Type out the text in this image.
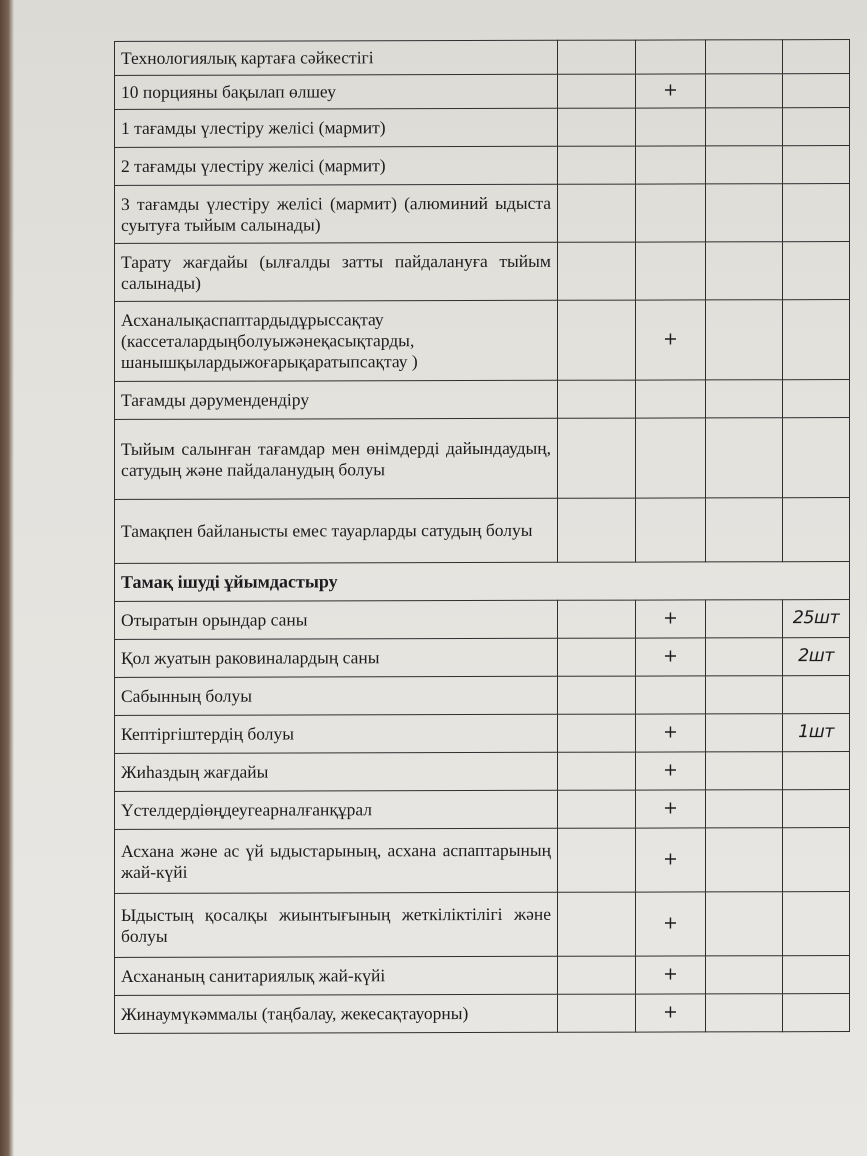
Технологиялық картаға сәйкестігі				
10 порцияны бақылап өлшеу		+		
1 тағамды үлестіру желісі (мармит)				
2 тағамды үлестіру желісі (мармит)				
3 тағамды үлестіру желісі (мармит) (алюминий ыдыста суытуға тыйым салынады)				
Тарату жағдайы (ылғалды затты пайдалануға тыйым салынады)				
Асханалықаспаптардыдұрыссақтау (кассеталардыңболуыжәнеқасықтарды, шанышқылардыжоғарықаратыпсақтау )		+		
Тағамды дәрумендендіру				
Тыйым салынған тағамдар мен өнімдерді дайындаудың, сатудың және пайдаланудың болуы				
Тамақпен байланысты емес тауарларды сатудың болуы				
Тамақ ішуді ұйымдастыру				
Отыратын орындар саны		+		25шт
Қол жуатын раковиналардың саны		+		2шт
Сабынның болуы				
Кептіргіштердің болуы		+		1шт
Жиһаздың жағдайы		+		
Үстелдердіөңдеугеарналғанқұрал		+		
Асхана және ас үй ыдыстарының, асхана аспаптарының жай-күйі		+		
Ыдыстың қосалқы жиынтығының жеткіліктілігі және болуы		+		
Асхананың санитариялық жай-күйі		+		
Жинаумүкәммалы (таңбалау, жекесақтауорны)		+		
